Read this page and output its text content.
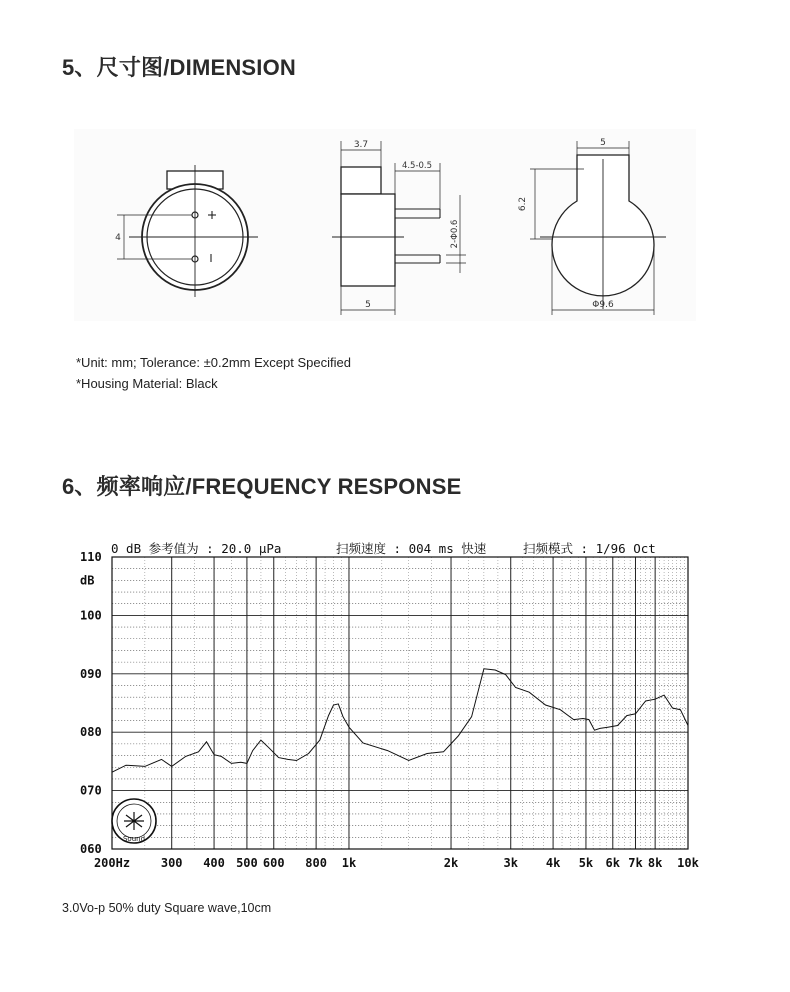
5、尺寸图/DIMENSION
4
3.7
4.5-0.5
5
5
Φ9.6
6.2
2-Φ0.6

*Unit: mm; Tolerance: ±0.2mm Except Specified

*Housing Material: Black

6、频率响应/FREQUENCY RESPONSE
110
dB
100
090
080
070
060
200Hz	300 400 500 600 800 1k	2k	3k 4k 5k 6k 7k 8k 10k
0 dB 参考值为 : 20.0 μPa	扫频速度 : 004 ms 快速	扫频模式 : 1/96 Oct
Sound

3.0Vo-p 50% duty Square wave,10cm
